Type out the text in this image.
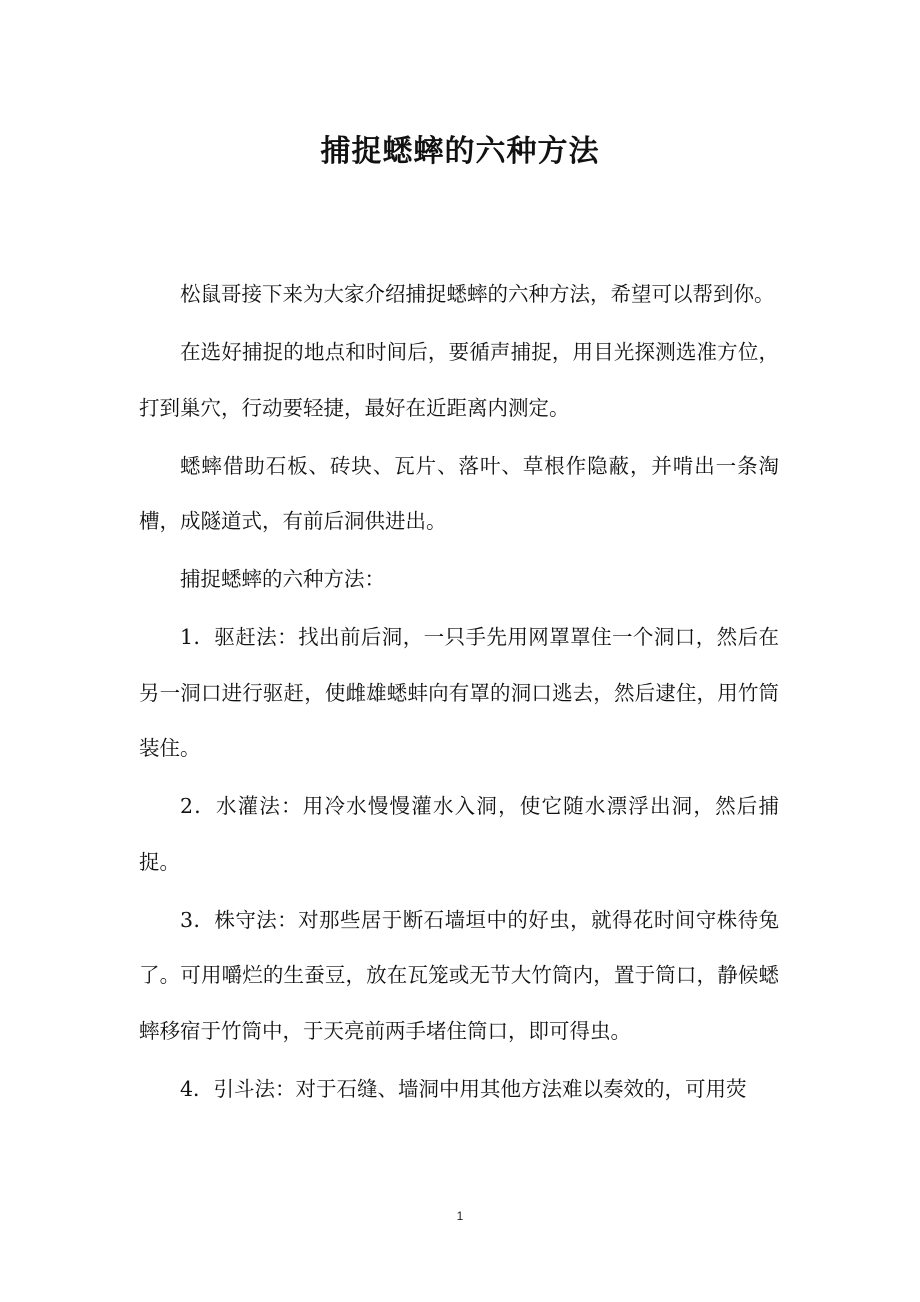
捕捉蟋蟀的六种方法

松鼠哥接下来为大家介绍捕捉蟋蟀的六种方法，希望可以帮到你。

在选好捕捉的地点和时间后，要循声捕捉，用目光探测选准方位，打到巢穴，行动要轻捷，最好在近距离内测定。

蟋蟀借助石板、砖块、瓦片、落叶、草根作隐蔽，并啃出一条淘槽，成隧道式，有前后洞供进出。

捕捉蟋蟀的六种方法：

1．驱赶法：找出前后洞，一只手先用网罩罩住一个洞口，然后在另一洞口进行驱赶，使雌雄蟋蚌向有罩的洞口逃去，然后逮住，用竹筒装住。

2．水灌法：用冷水慢慢灌水入洞，使它随水漂浮出洞，然后捕捉。

3．株守法：对那些居于断石墙垣中的好虫，就得花时间守株待兔了。可用嚼烂的生蚕豆，放在瓦笼或无节大竹筒内，置于筒口，静候蟋蟀移宿于竹筒中，于天亮前两手堵住筒口，即可得虫。

4．引斗法：对于石缝、墙洞中用其他方法难以奏效的，可用荧

1
